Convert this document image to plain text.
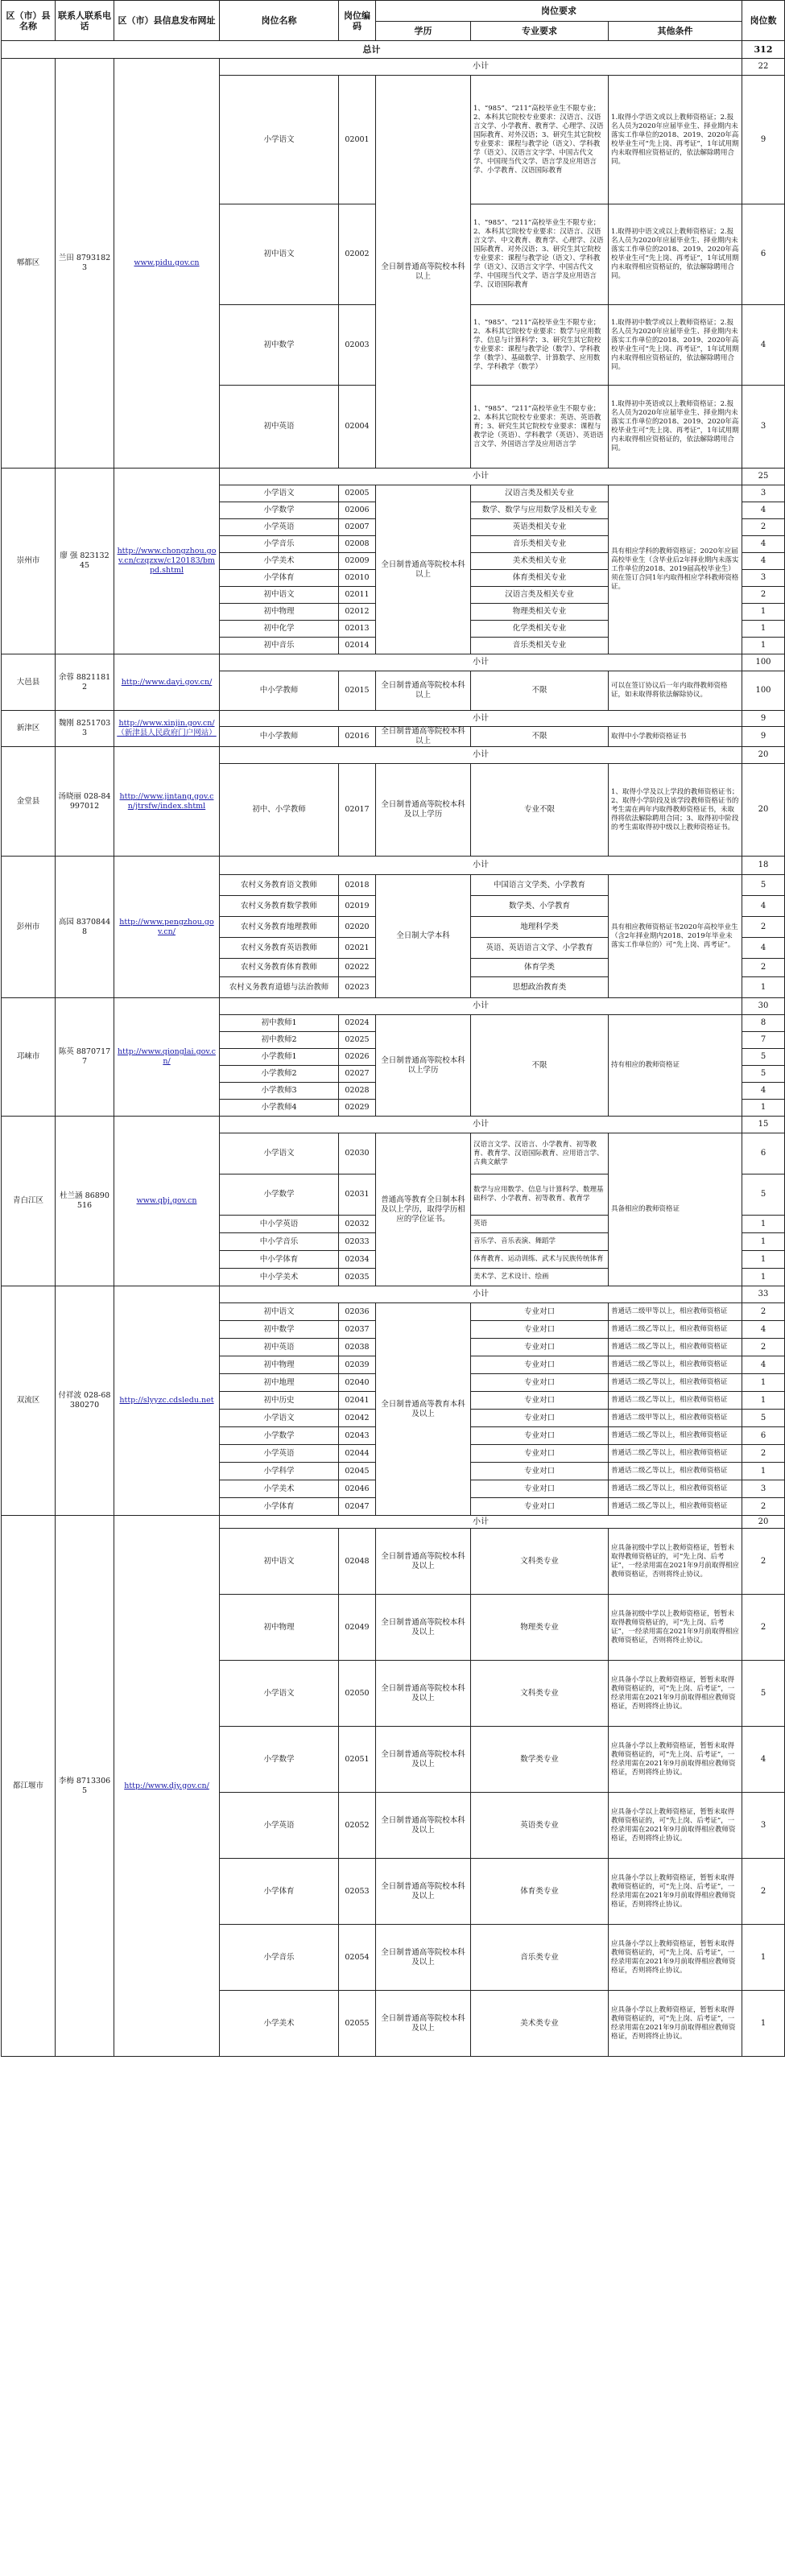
区（市）县名称	联系人联系电话	区（市）县信息发布网址	岗位名称	岗位编码	岗位要求			岗位数
					学历	专业要求	其他条件	
总计								312
郫都区	兰田 87931823	www.pidu.gov.cn	小计					22
			小学语文	02001	全日制普通高等院校本科以上	1、“985”、“211”高校毕业生不限专业；2、本科其它院校专业要求：汉语言、汉语言文学、小学教育、教育学、心理学、汉语国际教育、对外汉语；3、研究生其它院校专业要求：课程与教学论（语文）、学科教学（语文）、汉语言文字学、中国古代文学、中国现当代文学、语言学及应用语言学、小学教育、汉语国际教育	1.取得小学语文或以上教师资格证；2.报名人员为2020年应届毕业生、择业期内未落实工作单位的2018、2019、2020年高校毕业生可“先上岗、再考证”，1年试用期内未取得相应资格证的，依法解除聘用合同。	9
			初中语文	02002		1、“985”、“211”高校毕业生不限专业；2、本科其它院校专业要求：汉语言、汉语言文学、中文教育、教育学、心理学、汉语国际教育、对外汉语；3、研究生其它院校专业要求：课程与教学论（语文）、学科教学（语文）、汉语言文字学、中国古代文学、中国现当代文学、语言学及应用语言学、汉语国际教育	1.取得初中语文或以上教师资格证；2.报名人员为2020年应届毕业生、择业期内未落实工作单位的2018、2019、2020年高校毕业生可“先上岗、再考证”，1年试用期内未取得相应资格证的，依法解除聘用合同。	6
			初中数学	02003		1、“985”、“211”高校毕业生不限专业；2、本科其它院校专业要求：数学与应用数学、信息与计算科学；3、研究生其它院校专业要求：课程与教学论（数学）、学科教学（数学）、基础数学、计算数学、应用数学、学科教学（数学）	1.取得初中数学或以上教师资格证；2.报名人员为2020年应届毕业生、择业期内未落实工作单位的2018、2019、2020年高校毕业生可“先上岗、再考证”，1年试用期内未取得相应资格证的，依法解除聘用合同。	4
			初中英语	02004		1、“985”、“211”高校毕业生不限专业；2、本科其它院校专业要求：英语、英语教育；3、研究生其它院校专业要求：课程与教学论（英语）、学科教学（英语）、英语语言文学、外国语言学及应用语言学	1.取得初中英语或以上教师资格证；2.报名人员为2020年应届毕业生、择业期内未落实工作单位的2018、2019、2020年高校毕业生可“先上岗、再考证”，1年试用期内未取得相应资格证的，依法解除聘用合同。	3
崇州市	廖 强 82313245	http://www.chongzhou.gov.cn/czqzxw/c120183/bmpd.shtml	小计					25
			小学语文	02005	全日制普通高等院校本科以上	汉语言类及相关专业	具有相应学科的教师资格证；2020年应届高校毕业生（含毕业后2年择业期内未落实工作单位的2018、2019届高校毕业生）须在签订合同1年内取得相应学科教师资格证。	3
			小学数学	02006		数学、数学与应用数学及相关专业		4
			小学英语	02007		英语类相关专业		2
			小学音乐	02008		音乐类相关专业		4
			小学美术	02009		美术类相关专业		4
			小学体育	02010		体育类相关专业		3
			初中语文	02011		汉语言类及相关专业		2
			初中物理	02012		物理类相关专业		1
			初中化学	02013		化学类相关专业		1
			初中音乐	02014		音乐类相关专业		1
大邑县	余蓉 88211812	http://www.dayi.gov.cn/	小计					100
			中小学教师	02015	全日制普通高等院校本科以上	不限	可以在签订协议后一年内取得教师资格证，如未取得将依法解除协议。	100
新津区	魏刚 82517033	http://www.xinjin.gov.cn/（新津县人民政府门户网站）	小计					9
			中小学教师	02016	全日制普通高等院校本科以上	不限	取得中小学教师资格证书	9
金堂县	汤晓丽 028-84997012	http://www.jintang.gov.cn/jtrsfw/index.shtml	小计					20
			初中、小学教师	02017	全日制普通高等院校本科及以上学历	专业不限	1、取得小学及以上学段的教师资格证书；2、取得小学阶段及该学段教师资格证书的考生需在两年内取得教师资格证书，未取得将依法解除聘用合同；3、取得初中阶段的考生需取得初中级以上教师资格证书。	20
彭州市	高园 83708448	http://www.pengzhou.gov.cn/	小计					18
			农村义务教育语文教师	02018	全日制大学本科	中国语言文学类、小学教育	具有相应教师资格证书2020年高校毕业生（含2年择业期内2018、2019年毕业未落实工作单位的）可“先上岗、再考证”。	5
			农村义务教育数学教师	02019		数学类、小学教育		4
			农村义务教育地理教师	02020		地理科学类		2
			农村义务教育英语教师	02021		英语、英语语言文学、小学教育		4
			农村义务教育体育教师	02022		体育学类		2
			农村义务教育道德与法治教师	02023		思想政治教育类		1
邛崃市	陈英 88707177	http://www.qionglai.gov.cn/	小计					30
			初中教师1	02024	全日制普通高等院校本科以上学历	不限	持有相应的教师资格证	8
			初中教师2	02025				7
			小学教师1	02026				5
			小学教师2	02027				5
			小学教师3	02028				4
			小学教师4	02029				1
青白江区	杜兰涵 86890516	www.qbj.gov.cn	小计					15
			小学语文	02030	普通高等教育全日制本科及以上学历，取得学历相应的学位证书。	汉语言文学、汉语言、小学教育、初等教育、教育学、汉语国际教育、应用语言学、古典文献学	具备相应的教师资格证	6
			小学数学	02031		数学与应用数学、信息与计算科学、数理基础科学、小学教育、初等教育、教育学		5
			中小学英语	02032		英语		1
			中小学音乐	02033		音乐学、音乐表演、舞蹈学		1
			中小学体育	02034		体育教育、运动训练、武术与民族传统体育		1
			中小学美术	02035		美术学、艺术设计、绘画		1
双流区	付祥波 028-68380270	http://slyyzc.cdsledu.net	小计					33
			初中语文	02036	全日制普通高等教育本科及以上	专业对口	普通话二级甲等以上，相应教师资格证	2
			初中数学	02037		专业对口	普通话二级乙等以上，相应教师资格证	4
			初中英语	02038		专业对口	普通话二级乙等以上，相应教师资格证	2
			初中物理	02039		专业对口	普通话二级乙等以上，相应教师资格证	4
			初中地理	02040		专业对口	普通话二级乙等以上，相应教师资格证	1
			初中历史	02041		专业对口	普通话二级乙等以上，相应教师资格证	1
			小学语文	02042		专业对口	普通话二级甲等以上，相应教师资格证	5
			小学数学	02043		专业对口	普通话二级乙等以上，相应教师资格证	6
			小学英语	02044		专业对口	普通话二级乙等以上，相应教师资格证	2
			小学科学	02045		专业对口	普通话二级乙等以上，相应教师资格证	1
			小学美术	02046		专业对口	普通话二级乙等以上，相应教师资格证	3
			小学体育	02047		专业对口	普通话二级乙等以上，相应教师资格证	2
都江堰市	李梅 87133065	http://www.djy.gov.cn/	小计					20
			初中语文	02048	全日制普通高等院校本科及以上	文科类专业	应具备初级中学以上教师资格证，暂暂未取得教师资格证的，可“先上岗、后考证”，一经录用需在2021年9月前取得相应教师资格证，否则将终止协议。	2
			初中物理	02049	全日制普通高等院校本科及以上	物理类专业	应具备初级中学以上教师资格证，暂暂未取得教师资格证的，可“先上岗、后考证”，一经录用需在2021年9月前取得相应教师资格证，否则将终止协议。	2
			小学语文	02050	全日制普通高等院校本科及以上	文科类专业	应具备小学以上教师资格证，暂暂未取得教师资格证的，可“先上岗、后考证”，一经录用需在2021年9月前取得相应教师资格证，否则将终止协议。	5
			小学数学	02051	全日制普通高等院校本科及以上	数学类专业	应具备小学以上教师资格证，暂暂未取得教师资格证的，可“先上岗、后考证”，一经录用需在2021年9月前取得相应教师资格证，否则将终止协议。	4
			小学英语	02052	全日制普通高等院校本科及以上	英语类专业	应具备小学以上教师资格证，暂暂未取得教师资格证的，可“先上岗、后考证”，一经录用需在2021年9月前取得相应教师资格证，否则将终止协议。	3
			小学体育	02053	全日制普通高等院校本科及以上	体育类专业	应具备小学以上教师资格证，暂暂未取得教师资格证的，可“先上岗、后考证”，一经录用需在2021年9月前取得相应教师资格证，否则将终止协议。	2
			小学音乐	02054	全日制普通高等院校本科及以上	音乐类专业	应具备小学以上教师资格证，暂暂未取得教师资格证的，可“先上岗、后考证”，一经录用需在2021年9月前取得相应教师资格证，否则将终止协议。	1
			小学美术	02055	全日制普通高等院校本科及以上	美术类专业	应具备小学以上教师资格证，暂暂未取得教师资格证的，可“先上岗、后考证”，一经录用需在2021年9月前取得相应教师资格证，否则将终止协议。	1
